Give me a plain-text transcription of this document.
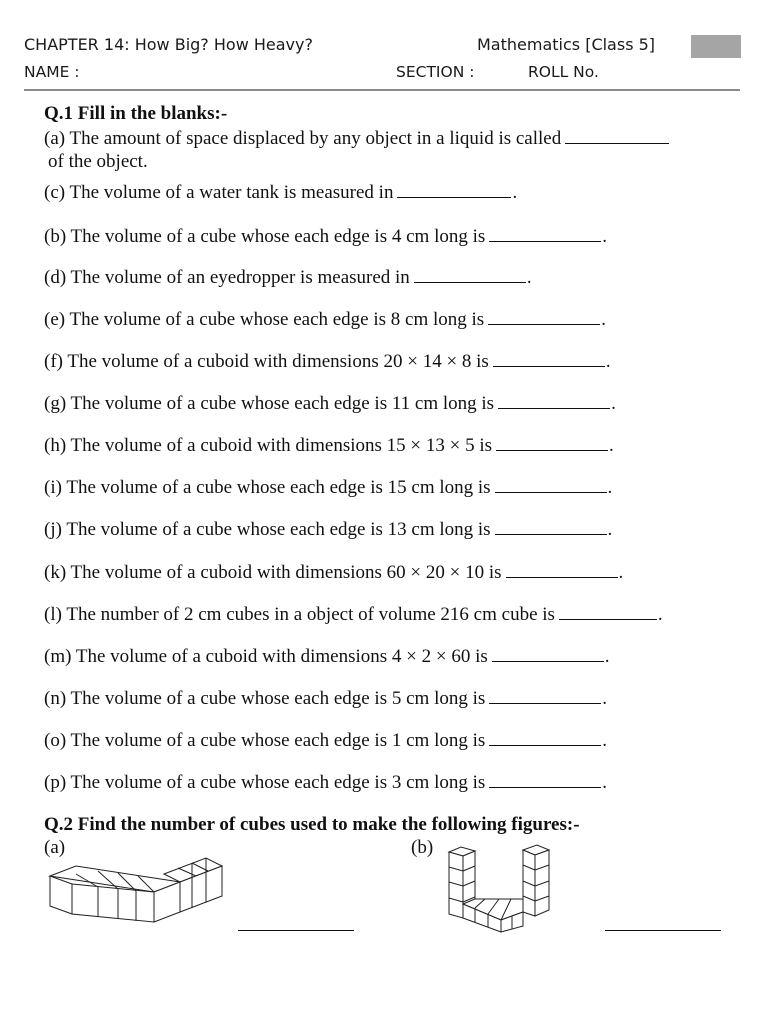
CHAPTER 14: How Big? How Heavy?	Mathematics [Class 5]
NAME :	SECTION :	ROLL No.
Q.1 Fill in the blanks:-
(a) The amount of space displaced by any object in a liquid is called
of the object.
(c) The volume of a water tank is measured in	.
(b) The volume of a cube whose each edge is 4 cm long is	.
(d) The volume of an eyedropper is measured in	.
(e) The volume of a cube whose each edge is 8 cm long is	.
(f) The volume of a cuboid with dimensions 20 × 14 × 8 is	.
(g) The volume of a cube whose each edge is 11 cm long is	.
(h) The volume of a cuboid with dimensions 15 × 13 × 5 is	.
(i) The volume of a cube whose each edge is 15 cm long is	.
(j) The volume of a cube whose each edge is 13 cm long is	.
(k) The volume of a cuboid with dimensions 60 × 20 × 10 is	.
(l) The number of 2 cm cubes in a object of volume 216 cm cube is	.
(m) The volume of a cuboid with dimensions 4 × 2 × 60 is	.
(n) The volume of a cube whose each edge is 5 cm long is	.
(o) The volume of a cube whose each edge is 1 cm long is	.
(p) The volume of a cube whose each edge is 3 cm long is	.
Q.2 Find the number of cubes used to make the following figures:-
(a)	(b)
